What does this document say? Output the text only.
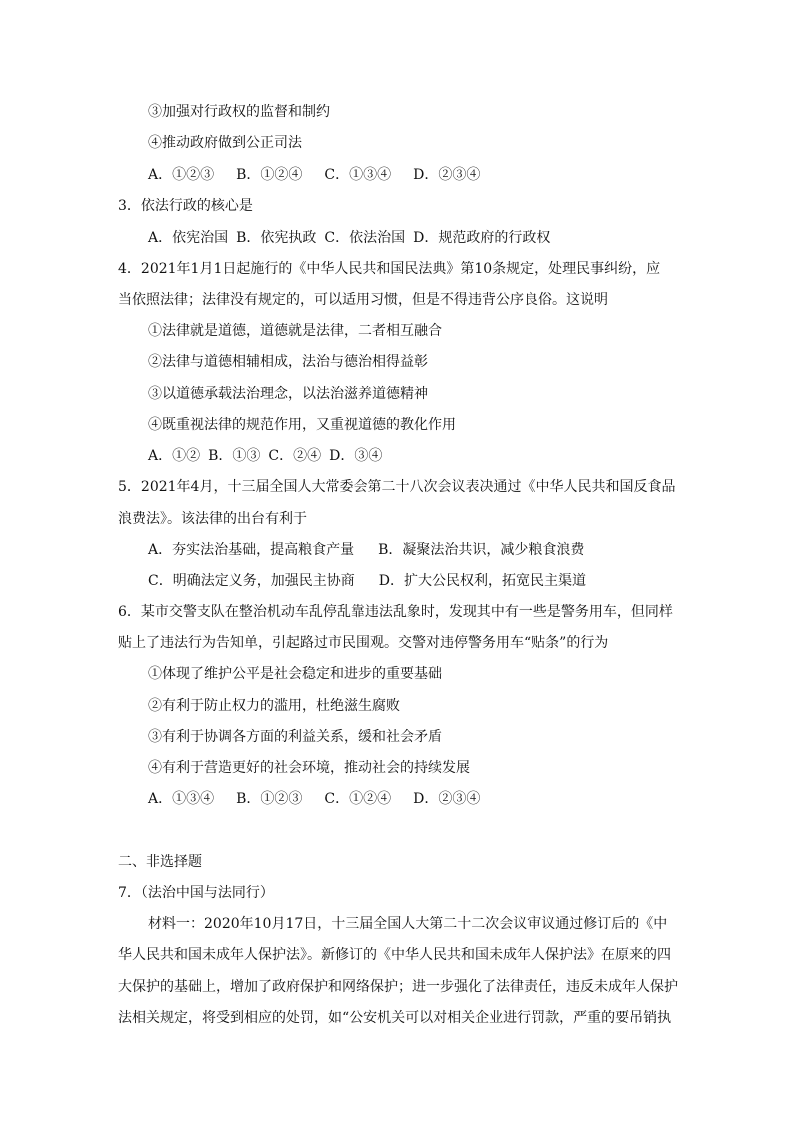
③加强对行政权的监督和制约
④推动政府做到公正司法
A．①②③ B．①②④ C．①③④ D．②③④
3．依法行政的核心是
A．依宪治国 B．依宪执政 C．依法治国 D．规范政府的行政权
4．2021年1月1日起施行的《中华人民共和国民法典》第10条规定，处理民事纠纷，应
当依照法律；法律没有规定的，可以适用习惯，但是不得违背公序良俗。这说明
①法律就是道德，道德就是法律，二者相互融合
②法律与道德相辅相成，法治与德治相得益彰
③以道德承载法治理念，以法治滋养道德精神
④既重视法律的规范作用，又重视道德的教化作用
A．①② B．①③ C．②④ D．③④
5．2021年4月，十三届全国人大常委会第二十八次会议表决通过《中华人民共和国反食品
浪费法》。该法律的出台有利于
A．夯实法治基础，提高粮食产量 B．凝聚法治共识，减少粮食浪费
C．明确法定义务，加强民主协商 D．扩大公民权利，拓宽民主渠道
6．某市交警支队在整治机动车乱停乱靠违法乱象时，发现其中有一些是警务用车，但同样
贴上了违法行为告知单，引起路过市民围观。交警对违停警务用车“贴条”的行为
①体现了维护公平是社会稳定和进步的重要基础
②有利于防止权力的滥用，杜绝滋生腐败
③有利于协调各方面的利益关系，缓和社会矛盾
④有利于营造更好的社会环境，推动社会的持续发展
A．①③④ B．①②③ C．①②④ D．②③④
二、非选择题
7．（法治中国与法同行）
材料一：2020年10月17日，十三届全国人大第二十二次会议审议通过修订后的《中
华人民共和国未成年人保护法》。新修订的《中华人民共和国未成年人保护法》在原来的四
大保护的基础上，增加了政府保护和网络保护；进一步强化了法律责任，违反未成年人保护
法相关规定，将受到相应的处罚，如“公安机关可以对相关企业进行罚款，严重的要吊销执
